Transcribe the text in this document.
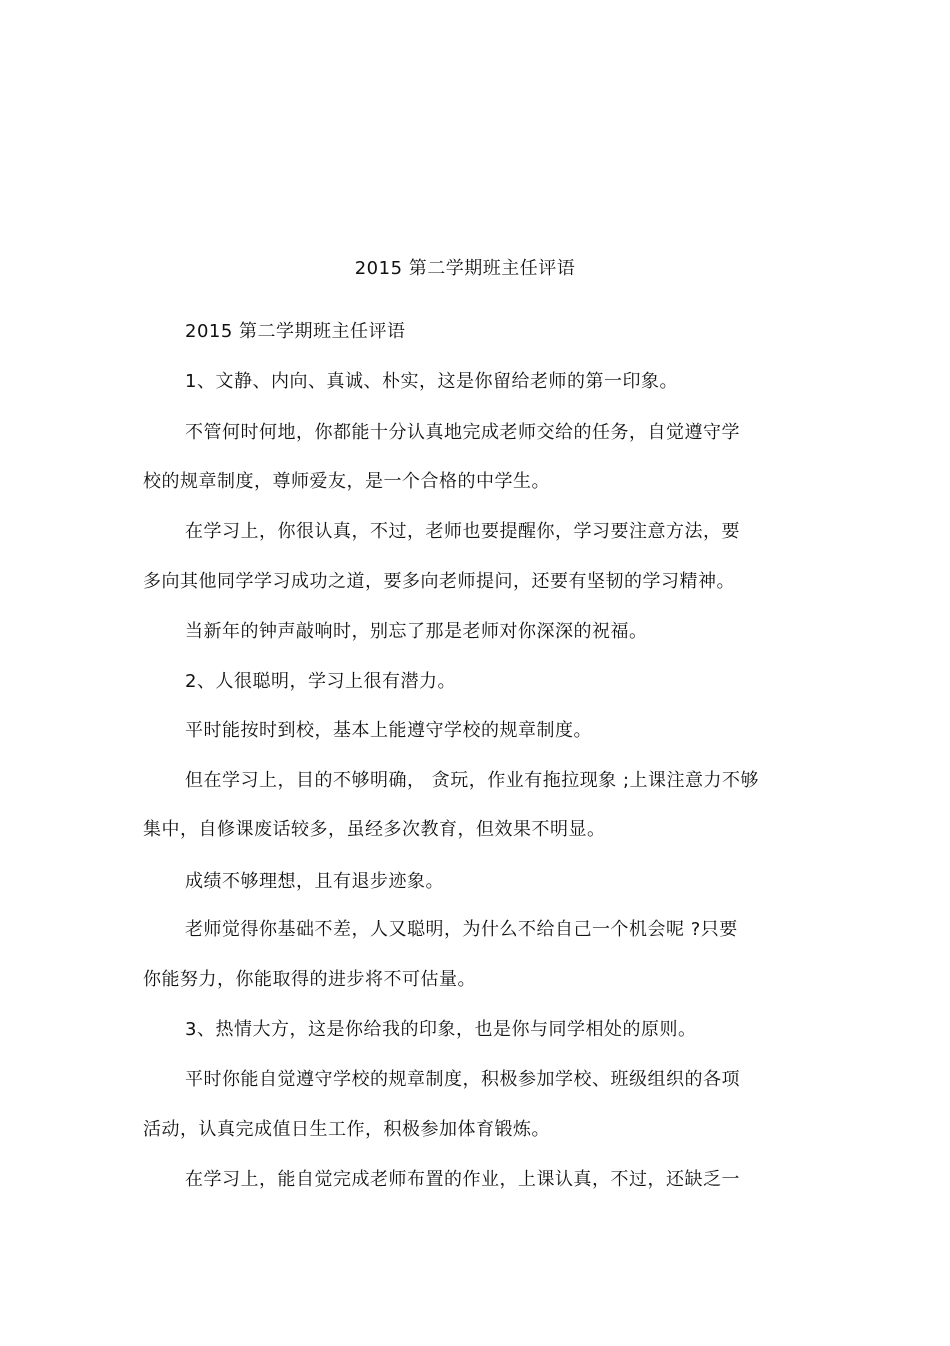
2015 第二学期班主任评语
2015 第二学期班主任评语
1、文静、内向、真诚、朴实，这是你留给老师的第一印象。
不管何时何地，你都能十分认真地完成老师交给的任务，自觉遵守学
校的规章制度，尊师爱友，是一个合格的中学生。
在学习上，你很认真，不过，老师也要提醒你，学习要注意方法，要
多向其他同学学习成功之道，要多向老师提问，还要有坚韧的学习精神。
当新年的钟声敲响时，别忘了那是老师对你深深的祝福。
2、人很聪明，学习上很有潜力。
平时能按时到校，基本上能遵守学校的规章制度。
但在学习上，目的不够明确， 贪玩，作业有拖拉现象 ;上课注意力不够
集中，自修课废话较多，虽经多次教育，但效果不明显。
成绩不够理想，且有退步迹象。
老师觉得你基础不差，人又聪明，为什么不给自己一个机会呢 ?只要
你能努力，你能取得的进步将不可估量。
3、热情大方，这是你给我的印象，也是你与同学相处的原则。
平时你能自觉遵守学校的规章制度，积极参加学校、班级组织的各项
活动，认真完成值日生工作，积极参加体育锻炼。
在学习上，能自觉完成老师布置的作业，上课认真，不过，还缺乏一
